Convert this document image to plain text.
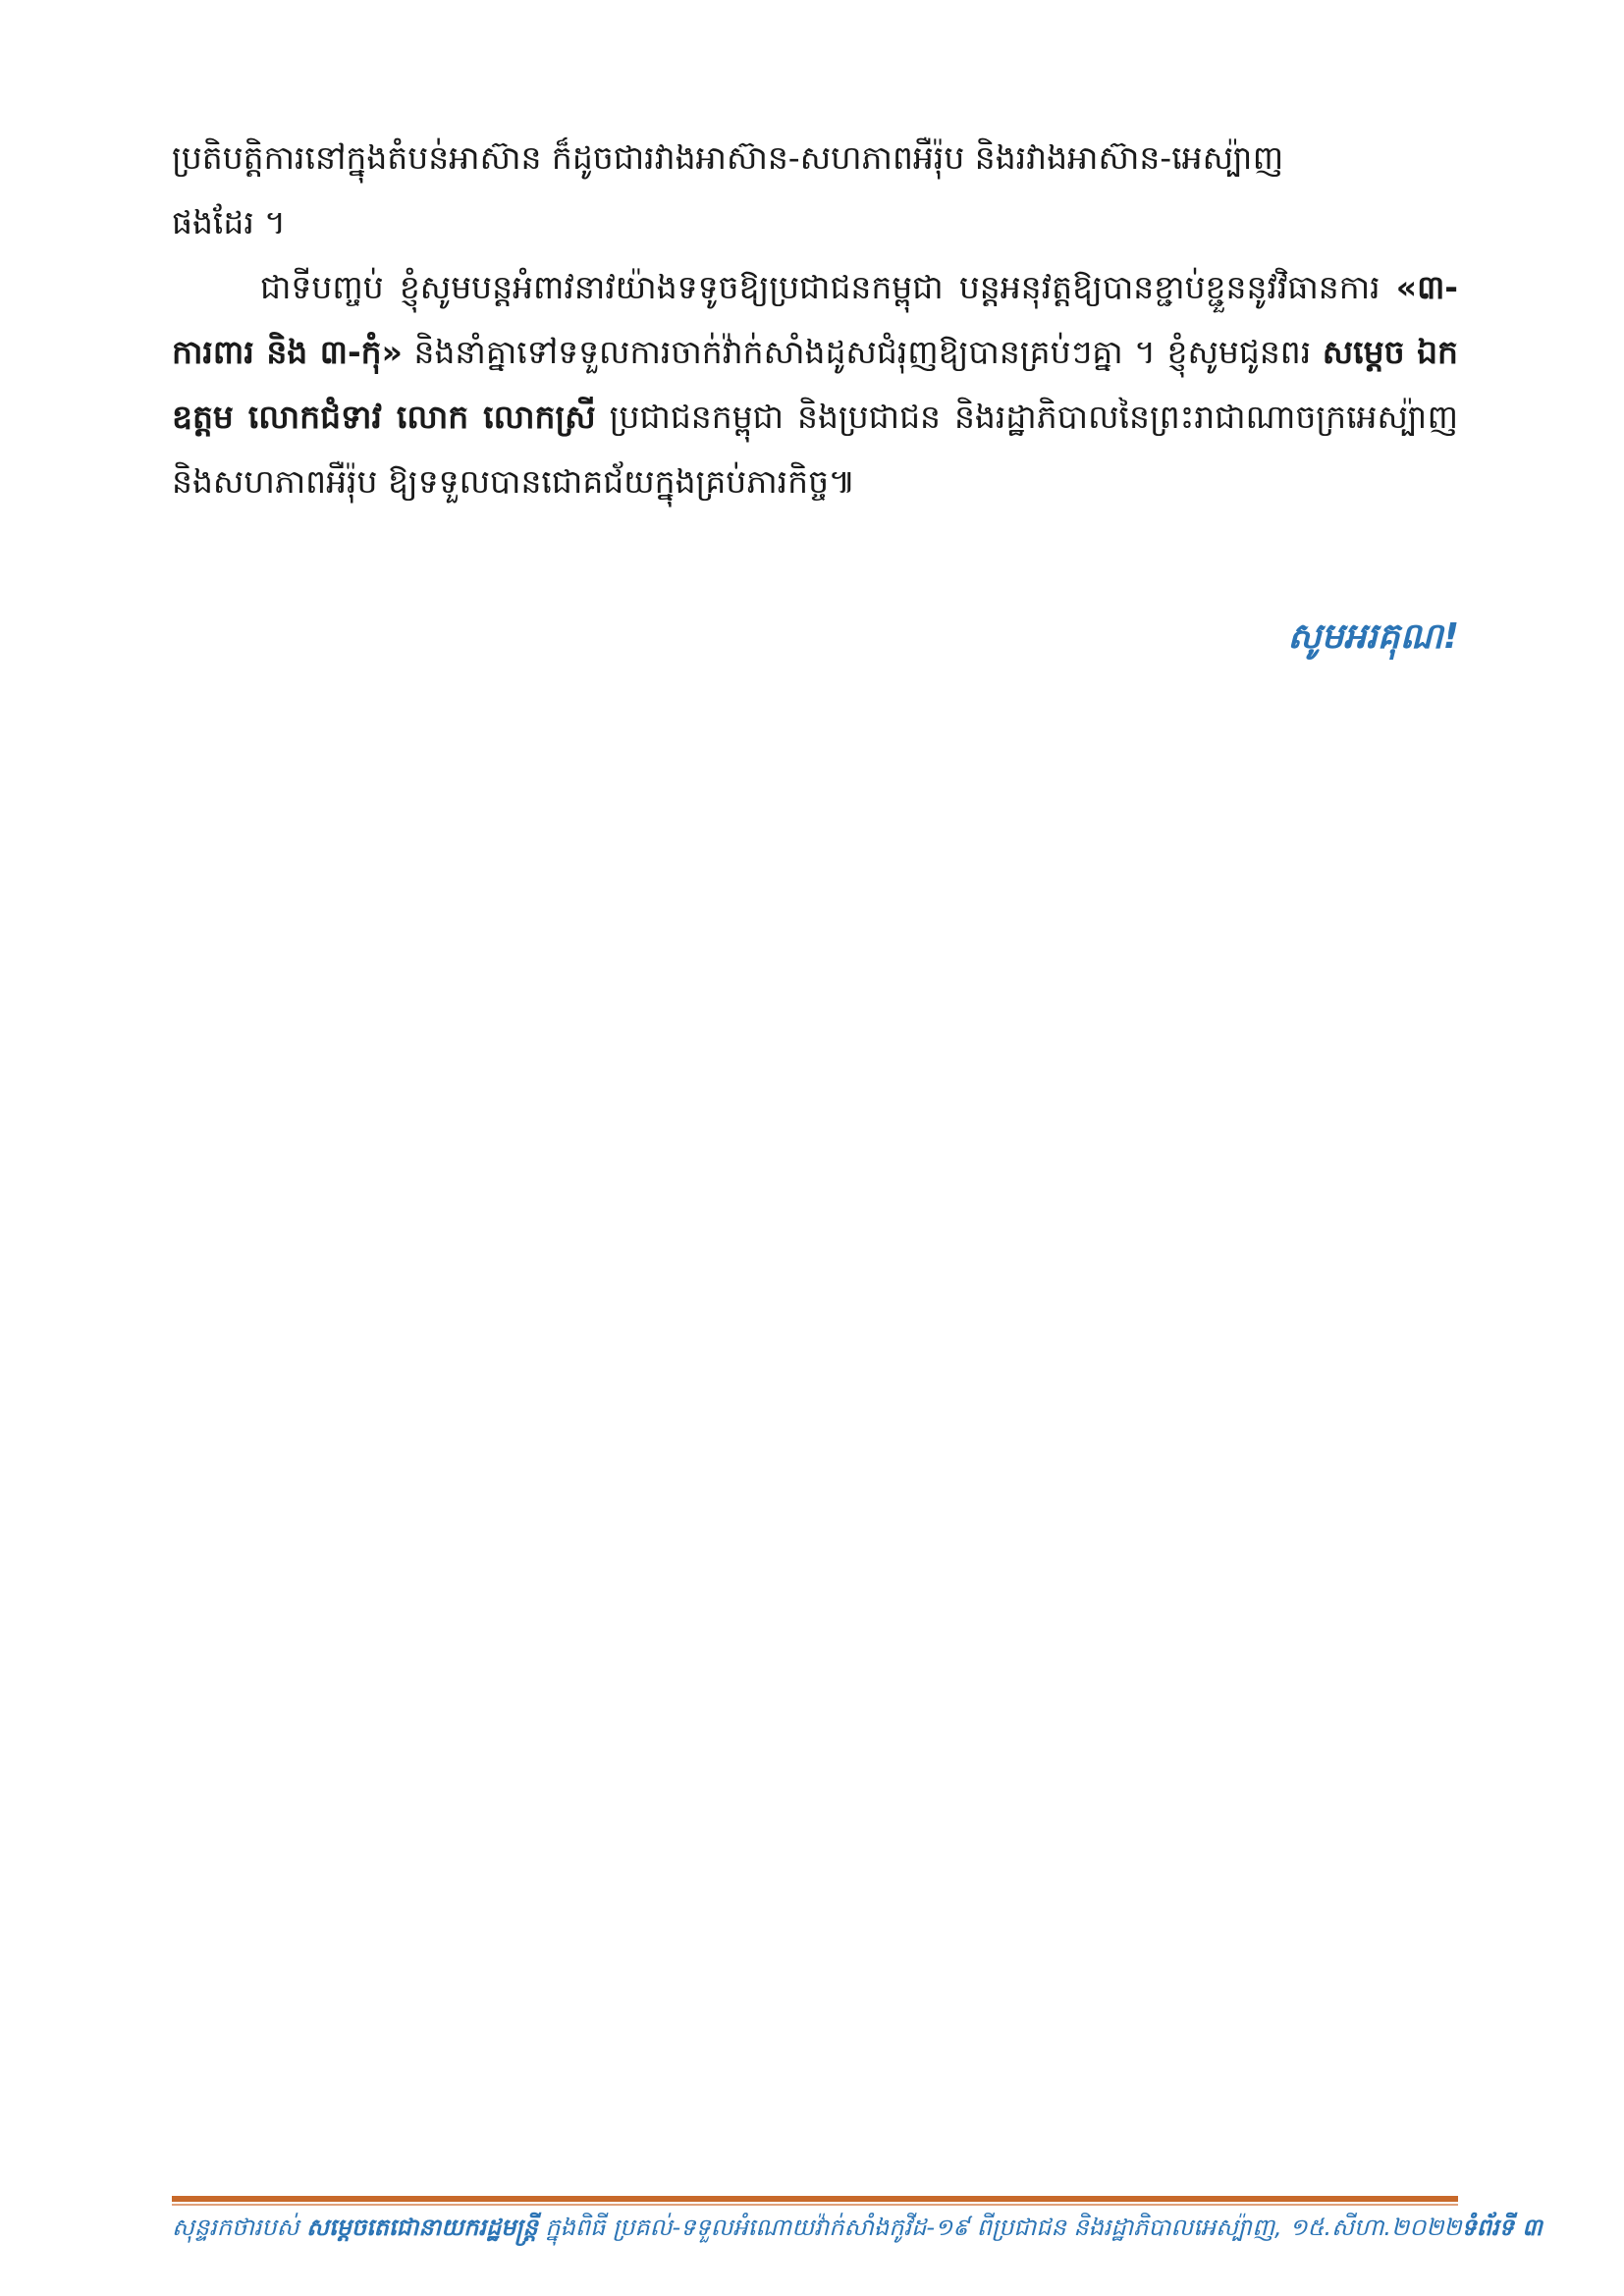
ប្រតិបត្តិការនៅក្នុងតំបន់អាស៊ាន ក៏ដូចជារវាងអាស៊ាន-សហភាពអឺរ៉ុប និងរវាងអាស៊ាន-អេស្ប៉ាញ
ផងដែរ ។

ជាទីបញ្ចប់ ខ្ញុំសូមបន្តអំពាវនាវយ៉ាងទទូចឱ្យប្រជាជនកម្ពុជា បន្តអនុវត្តឱ្យបានខ្ជាប់ខ្ជួននូវវិធានការ «៣-ការពារ និង ៣-កុំ» និងនាំគ្នាទៅទទួលការចាក់វ៉ាក់សាំងដូសជំរុញឱ្យបានគ្រប់ៗគ្នា ។ ខ្ញុំសូមជូនពរ សម្តេច ឯកឧត្តម លោកជំទាវ លោក លោកស្រី ប្រជាជនកម្ពុជា និងប្រជាជន និងរដ្ឋាភិបាលនៃព្រះរាជាណាចក្រអេស្ប៉ាញ និងសហភាពអឺរ៉ុប ឱ្យទទួលបានជោគជ័យក្នុងគ្រប់ភារកិច្ច៕

សូមអរគុណ!
សុន្ទរកថារបស់ សម្តេចតេជោនាយករដ្ឋមន្ត្រី ក្នុងពិធី ប្រគល់-ទទួលអំណោយវ៉ាក់សាំងកូវីដ-១៩ ពីប្រជាជន និងរដ្ឋាភិបាលអេស្ប៉ាញ, ១៥.សីហា.២០២២ ទំព័រទី ៣
